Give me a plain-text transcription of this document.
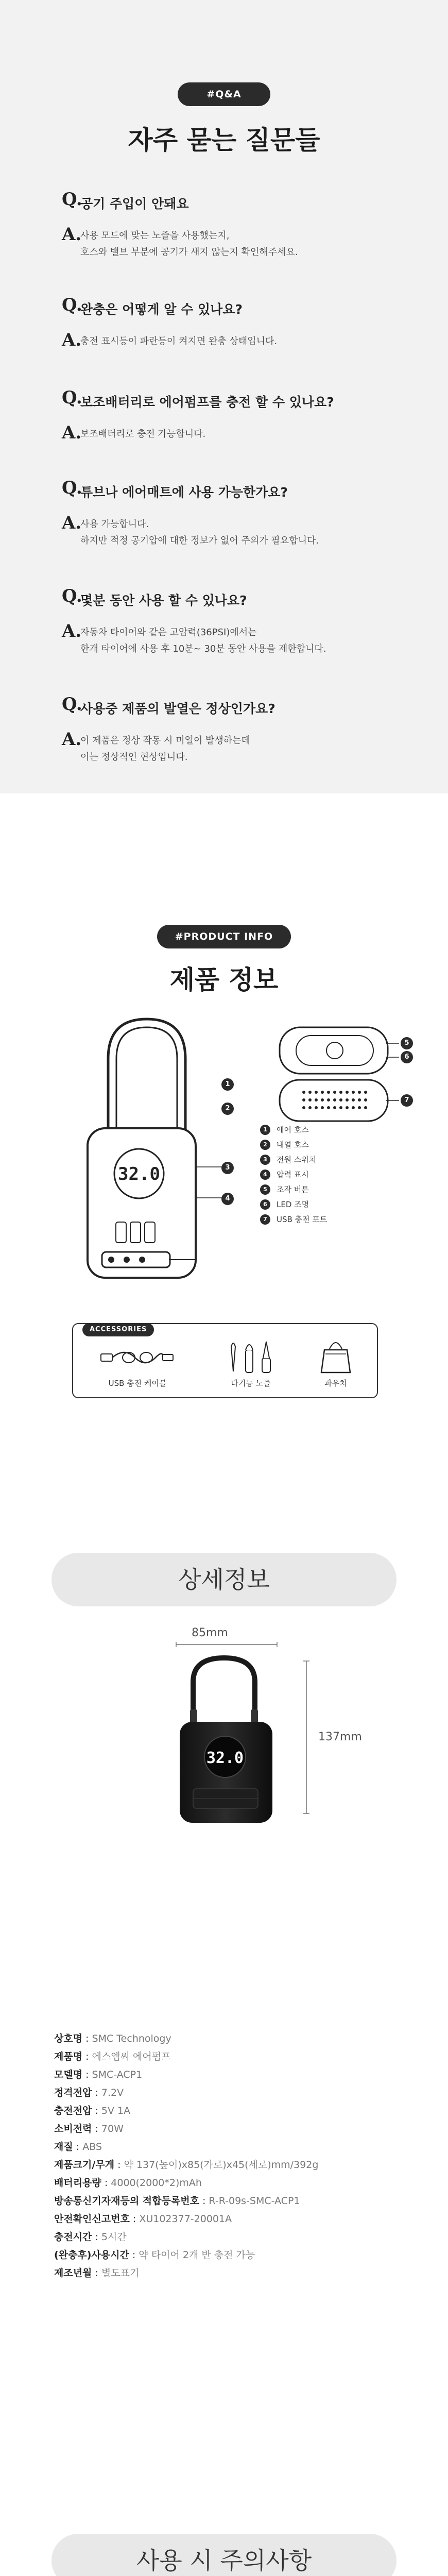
#Q&A
자주 묻는 질문들
Q.
공기 주입이 안돼요
A.
사용 모드에 맞는 노즐을 사용했는지,
호스와 밸브 부분에 공기가 새지 않는지 확인해주세요.
Q.
완충은 어떻게 알 수 있나요?
A.
충전 표시등이 파란등이 켜지면 완충 상태입니다.
Q.
보조배터리로 에어펌프를 충전 할 수 있나요?
A.
보조배터리로 충전 가능합니다.
Q.
튜브나 에어매트에 사용 가능한가요?
A.
사용 가능합니다.
하지만 적정 공기압에 대한 정보가 없어 주의가 필요합니다.
Q.
몇분 동안 사용 할 수 있나요?
A.
자동차 타이어와 같은 고압력(36PSI)에서는
한개 타이어에 사용 후 10분~ 30분 동안 사용을 제한합니다.
Q.
사용중 제품의 발열은 정상인가요?
A.
이 제품은 정상 작동 시 미열이 발생하는데
이는 정상적인 현상입니다.
#PRODUCT INFO
제품 정보
32.0
1
2
3
4
5
6
7
1	에어 호스
2	내열 호스
3	전원 스위치
4	압력 표시
5	조작 버튼
6	LED 조명
7	USB 충전 포트
ACCESSORIES
USB 충전 케이블	다기능 노즐	파우치
상세정보
85mm
32.0
137mm
상호명 : SMC Technology
제품명 : 에스엠씨 에어펌프
모델명 : SMC-ACP1
정격전압 : 7.2V
충전전압 : 5V 1A
소비전력 : 70W
재질 : ABS
제품크기/무게 : 약 137(높이)x85(가로)x45(세로)mm/392g
배터리용량 : 4000(2000*2)mAh
방송통신기자재등의 적합등록번호 : R-R-09s-SMC-ACP1
안전확인신고번호 : XU102377-20001A
충전시간 : 5시간
(완충후)사용시간 : 약 타이어 2개 반 충전 가능
제조년월 : 별도표기
사용 시 주의사항
